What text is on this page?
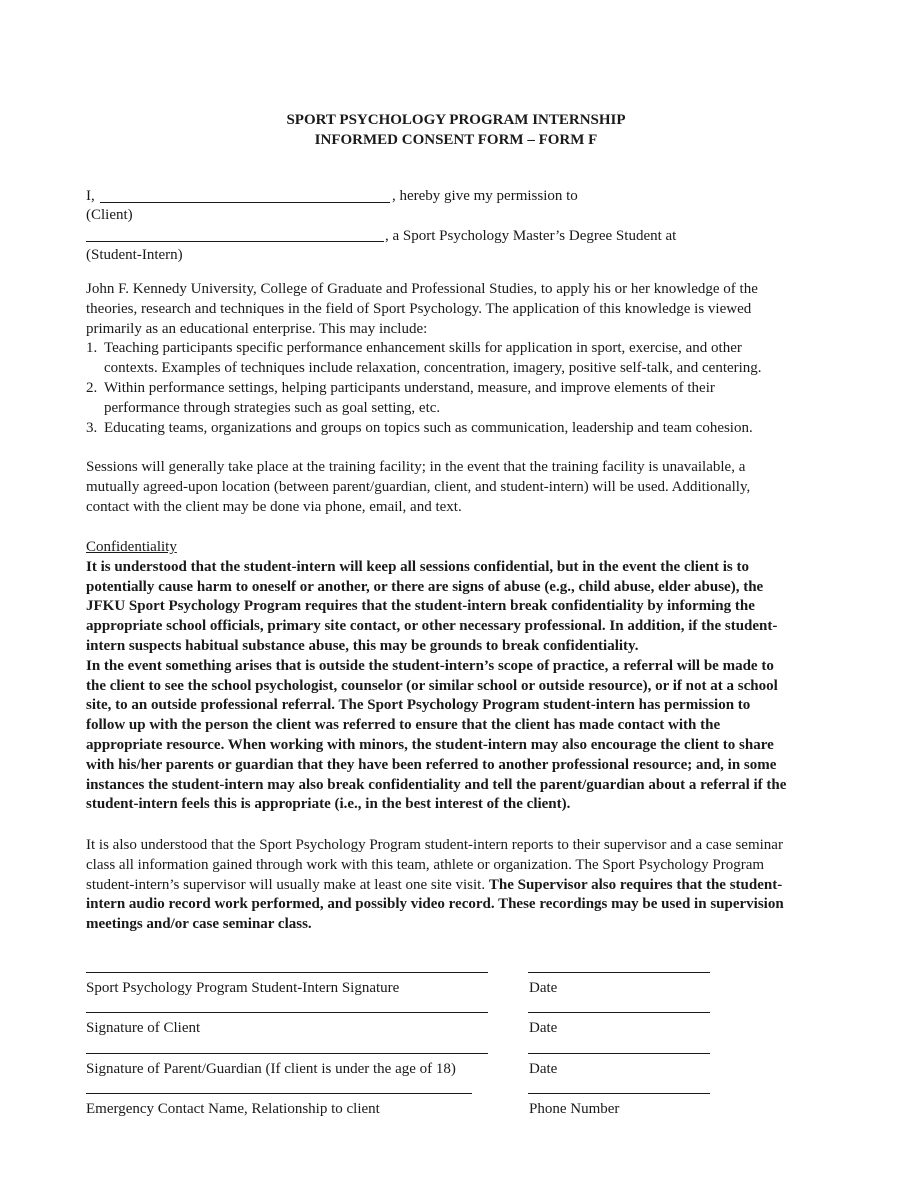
SPORT PSYCHOLOGY PROGRAM INTERNSHIP
INFORMED CONSENT FORM – FORM F
I,	, hereby give my permission to
(Client)
, a Sport Psychology Master’s Degree Student at
(Student-Intern)
John F. Kennedy University, College of Graduate and Professional Studies, to apply his or her knowledge of the
theories, research and techniques in the field of Sport Psychology. The application of this knowledge is viewed
primarily as an educational enterprise. This may include:
1. Teaching participants specific performance enhancement skills for application in sport, exercise, and other
contexts. Examples of techniques include relaxation, concentration, imagery, positive self-talk, and centering.
2. Within performance settings, helping participants understand, measure, and improve elements of their
performance through strategies such as goal setting, etc.
3. Educating teams, organizations and groups on topics such as communication, leadership and team cohesion.
Sessions will generally take place at the training facility; in the event that the training facility is unavailable, a
mutually agreed-upon location (between parent/guardian, client, and student-intern) will be used. Additionally,
contact with the client may be done via phone, email, and text.
Confidentiality
It is understood that the student-intern will keep all sessions confidential, but in the event the client is to
potentially cause harm to oneself or another, or there are signs of abuse (e.g., child abuse, elder abuse), the
JFKU Sport Psychology Program requires that the student-intern break confidentiality by informing the
appropriate school officials, primary site contact, or other necessary professional. In addition, if the student-
intern suspects habitual substance abuse, this may be grounds to break confidentiality.
In the event something arises that is outside the student-intern’s scope of practice, a referral will be made to
the client to see the school psychologist, counselor (or similar school or outside resource), or if not at a school
site, to an outside professional referral. The Sport Psychology Program student-intern has permission to
follow up with the person the client was referred to ensure that the client has made contact with the
appropriate resource. When working with minors, the student-intern may also encourage the client to share
with his/her parents or guardian that they have been referred to another professional resource; and, in some
instances the student-intern may also break confidentiality and tell the parent/guardian about a referral if the
student-intern feels this is appropriate (i.e., in the best interest of the client).
It is also understood that the Sport Psychology Program student-intern reports to their supervisor and a case seminar
class all information gained through work with this team, athlete or organization. The Sport Psychology Program
student-intern’s supervisor will usually make at least one site visit. The Supervisor also requires that the student-
intern audio record work performed, and possibly video record. These recordings may be used in supervision
meetings and/or case seminar class.
Sport Psychology Program Student-Intern Signature	Date
Signature of Client	Date
Signature of Parent/Guardian (If client is under the age of 18)	Date
Emergency Contact Name, Relationship to client	Phone Number
